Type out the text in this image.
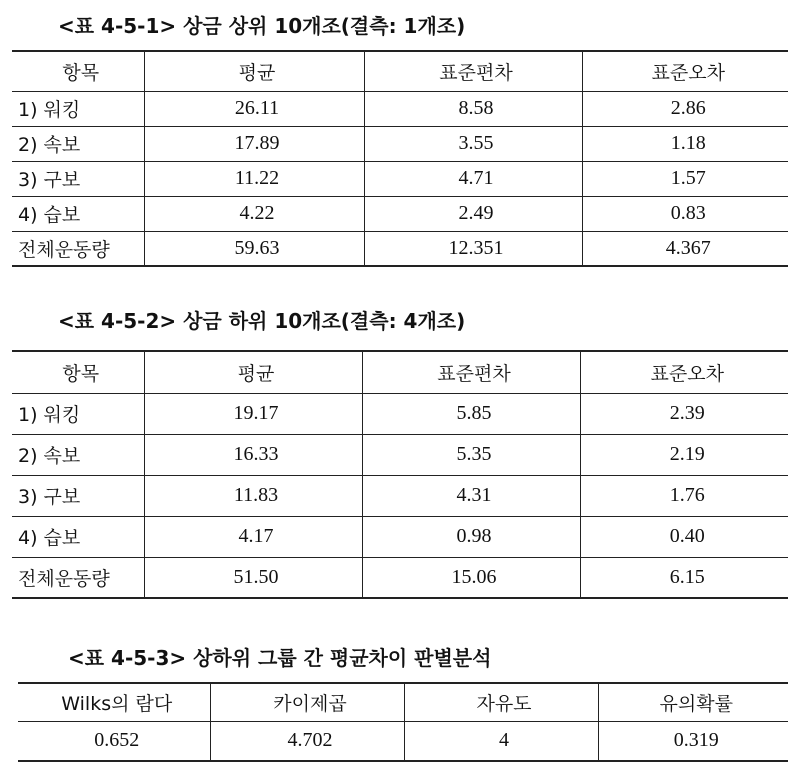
<표 4-5-1> 상금 상위 10개조(결측: 1개조)
항목	평균	표준편차	표준오차
1) 워킹	26.11	8.58	2.86
2) 속보	17.89	3.55	1.18
3) 구보	11.22	4.71	1.57
4) 습보	4.22	2.49	0.83
전체운동량	59.63	12.351	4.367
<표 4-5-2> 상금 하위 10개조(결측: 4개조)
항목	평균	표준편차	표준오차
1) 워킹	19.17	5.85	2.39
2) 속보	16.33	5.35	2.19
3) 구보	11.83	4.31	1.76
4) 습보	4.17	0.98	0.40
전체운동량	51.50	15.06	6.15
<표 4-5-3> 상하위 그룹 간 평균차이 판별분석
Wilks의 람다	카이제곱	자유도	유의확률
0.652	4.702	4	0.319
